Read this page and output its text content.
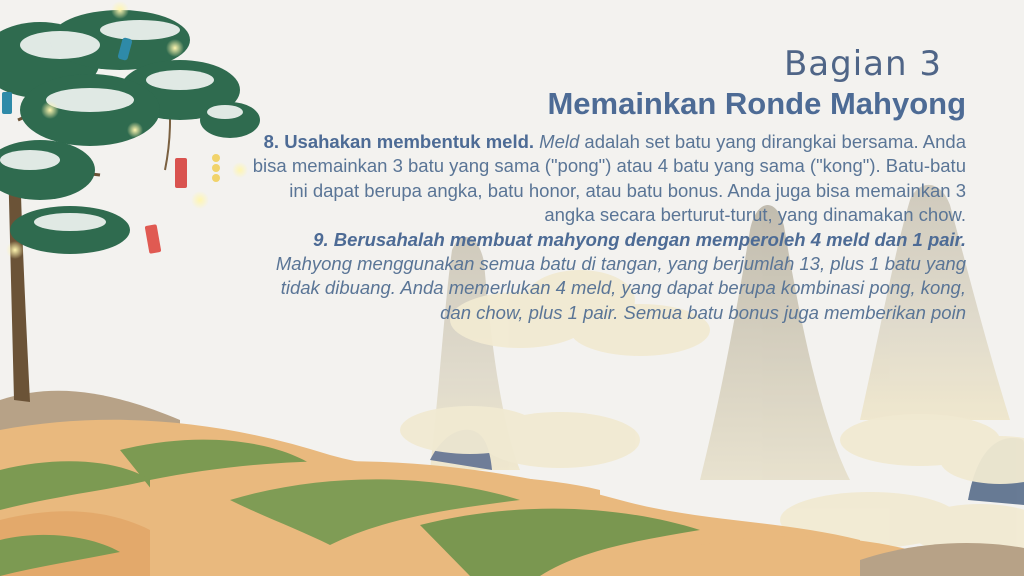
Bagian 3
Memainkan Ronde Mahyong

8. Usahakan membentuk meld. Meld adalah set batu yang dirangkai bersama. Anda bisa memainkan 3 batu yang sama ("pong") atau 4 batu yang sama ("kong"). Batu-batu ini dapat berupa angka, batu honor, atau batu bonus. Anda juga bisa memainkan 3 angka secara berturut-turut, yang dinamakan chow.

9. Berusahalah membuat mahyong dengan memperoleh 4 meld dan 1 pair. Mahyong menggunakan semua batu di tangan, yang berjumlah 13, plus 1 batu yang tidak dibuang. Anda memerlukan 4 meld, yang dapat berupa kombinasi pong, kong, dan chow, plus 1 pair. Semua batu bonus juga memberikan poin
